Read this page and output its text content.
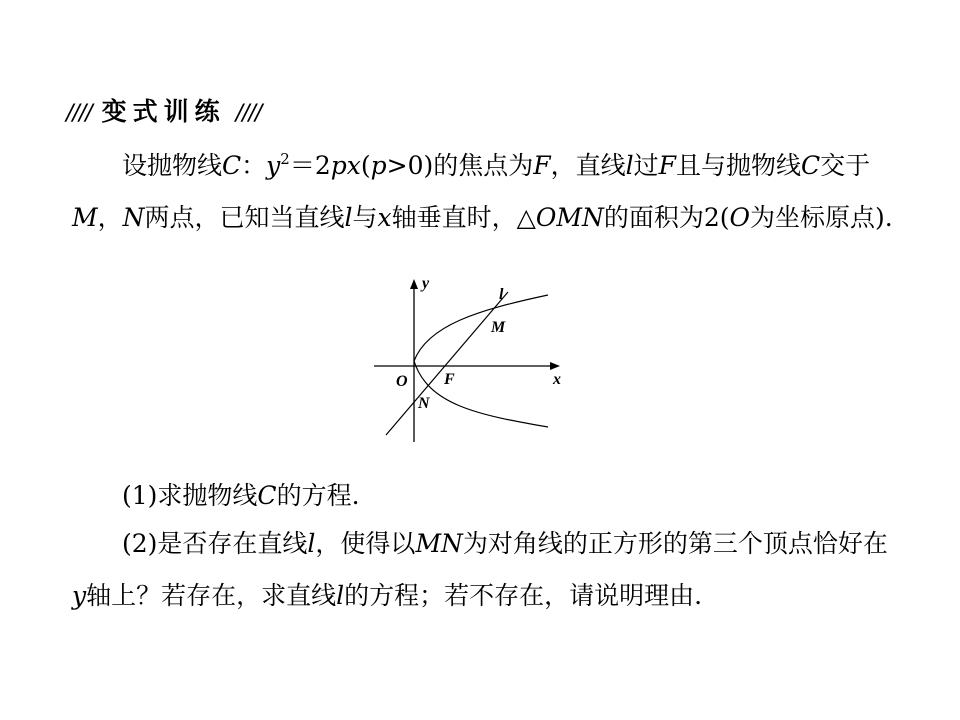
//// 变式训练 ////
设抛物线C：$y^2=2px(p>0)$的焦点为F，直线l过F且与抛物线C交于M，N两点，已知当直线l与x轴垂直时，△OMN的面积为2(O为坐标原点).
y
l
M
O F	x
N
(1)求抛物线C的方程.
(2)是否存在直线l，使得以MN为对角线的正方形的第三个顶点恰好在y轴上？若存在，求直线l的方程；若不存在，请说明理由.
